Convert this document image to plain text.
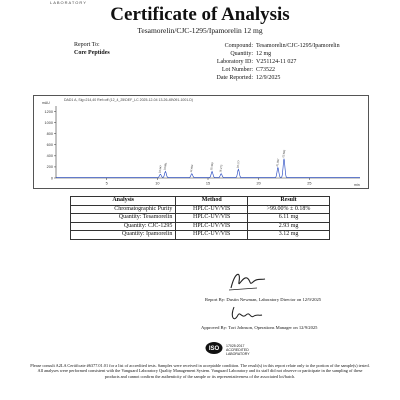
LABORATORY
Certificate of Analysis
Tesamorelin/CJC-1295/Ipamorelin 12 mg
Report To:
Core Peptides
Compound: Tesamorelin/CJC-1295/Ipamorelin
Quantity: 12 mg
Laboratory ID: V251124-11 027
Lot Number: C73522
Date Reported: 12/9/2025
DAD1 A, Sig=214,40 Ref=off (12_4_25\DEF_LC 2025-12-04 13-26-45\091-1001.D)
mAU
min
0
200
400
600
800
1000
1200
5	10	15	20	25
10.347 10.881	13.403	15.430	16.272
18.177	21.897
22.503
Analysis	Method	Result
Chromatographic Purity	HPLC-UV/VIS	>99.00% ± 0.18%
Quantity: Tesamorelin	HPLC-UV/VIS	6.11 mg
Quantity: CJC-1295	HPLC-UV/VIS	2.93 mg
Quantity: Ipamorelin	HPLC-UV/VIS	3.12 mg
Report By: Dustin Newman, Laboratory Director on 12/9/2025
Approved By: Tori Johnson, Operations Manager on 12/9/2025
ISO 17025:2017
ACCREDITED
LABORATORY
Please consult A2LA Certificate #6377.01.01 for a list of accredited tests. Samples were received in acceptable condition. The result(s) in this report relate only to the portion of the sample(s) tested. All analyses were performed consistent with the Vanguard Laboratory Quality Management System. Vanguard Laboratory and its staff did not observe or participate in the sampling of these products and cannot confirm the authenticity of the sample or its representativeness of the associated lot/batch.
